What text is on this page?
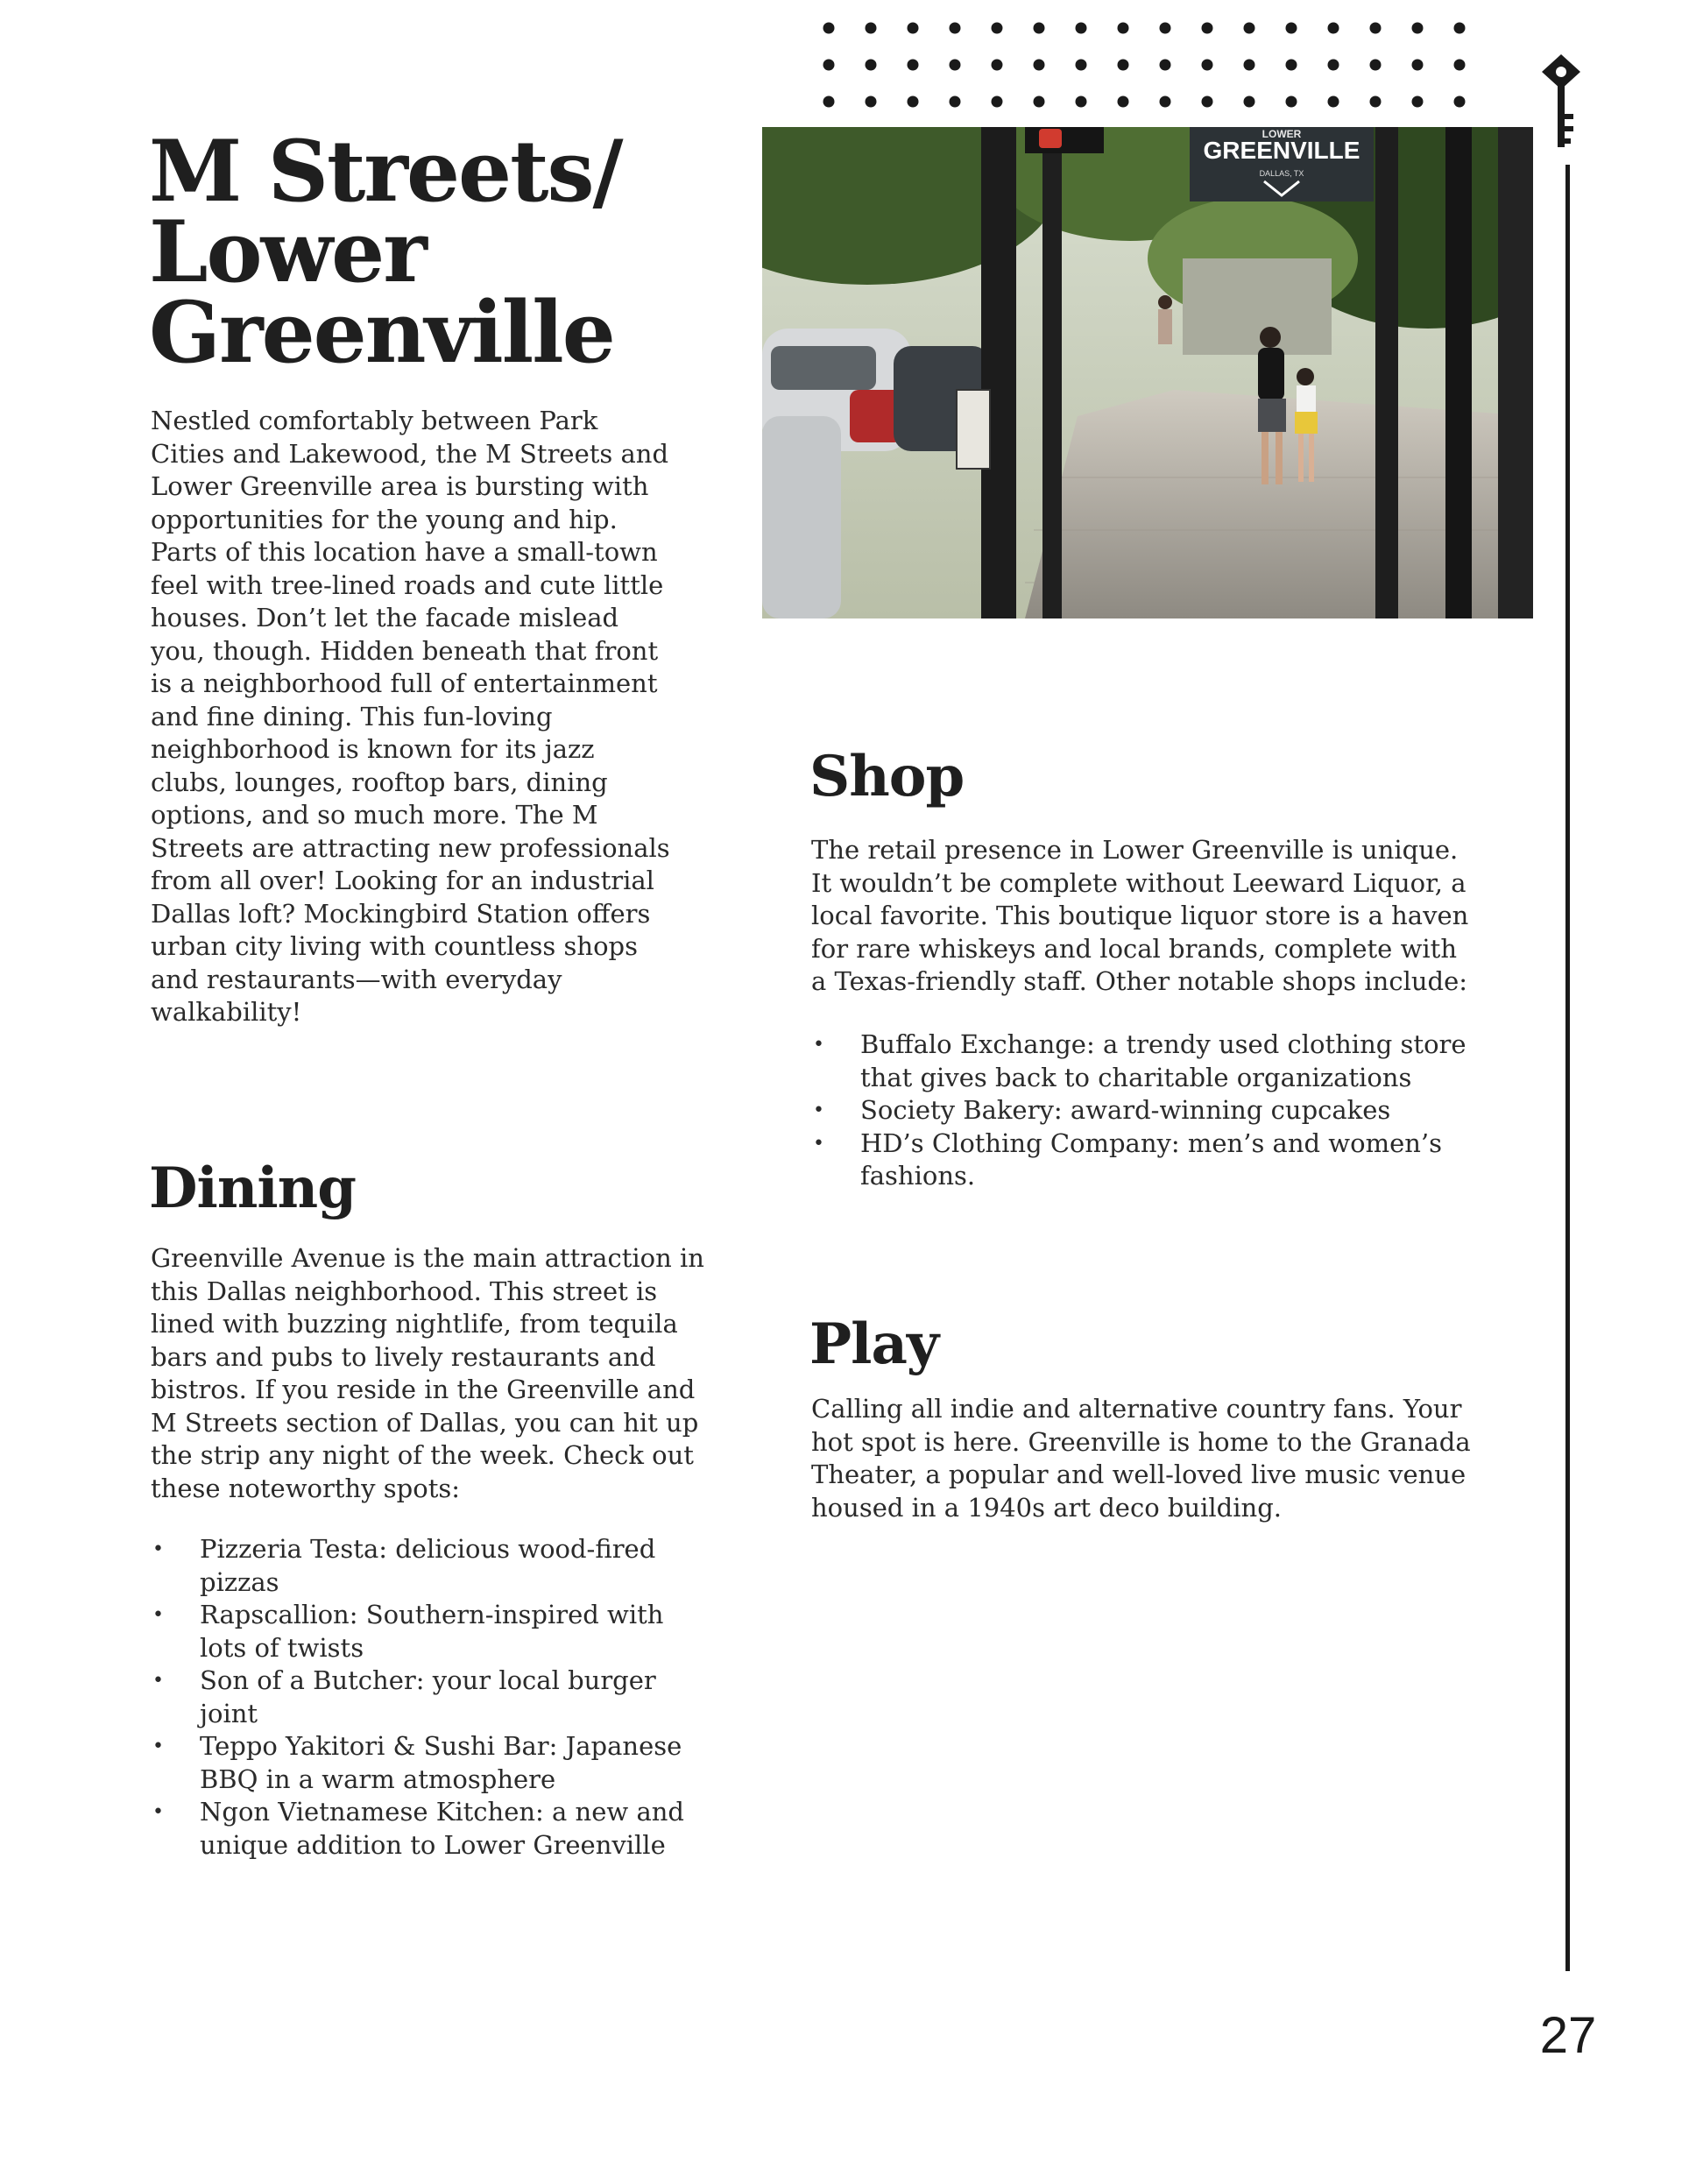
M Streets/
Lower
Greenville

Nestled comfortably between Park Cities and Lakewood, the M Streets and Lower Greenville area is bursting with opportunities for the young and hip. Parts of this location have a small-town feel with tree-lined roads and cute little houses. Don’t let the facade mislead you, though. Hidden beneath that front is a neighborhood full of entertainment and fine dining. This fun-loving neighborhood is known for its jazz clubs, lounges, rooftop bars, dining options, and so much more. The M Streets are attracting new professionals from all over! Looking for an industrial Dallas loft? Mockingbird Station offers urban city living with countless shops and restaurants—with everyday walkability!

Dining

Greenville Avenue is the main attraction in this Dallas neighborhood. This street is lined with buzzing nightlife, from tequila bars and pubs to lively restaurants and bistros. If you reside in the Greenville and M Streets section of Dallas, you can hit up the strip any night of the week. Check out these noteworthy spots:

• Pizzeria Testa: delicious wood-fired pizzas
• Rapscallion: Southern-inspired with lots of twists
• Son of a Butcher: your local burger joint
• Teppo Yakitori & Sushi Bar: Japanese BBQ in a warm atmosphere
• Ngon Vietnamese Kitchen: a new and unique addition to Lower Greenville
LOWER
GREENVILLE
DALLAS, TX
Shop

The retail presence in Lower Greenville is unique. It wouldn’t be complete without Leeward Liquor, a local favorite. This boutique liquor store is a haven for rare whiskeys and local brands, complete with a Texas-friendly staff. Other notable shops include:

• Buffalo Exchange: a trendy used clothing store that gives back to charitable organizations
• Society Bakery: award-winning cupcakes
• HD’s Clothing Company: men’s and women’s fashions.
Play

Calling all indie and alternative country fans. Your hot spot is here. Greenville is home to the Granada Theater, a popular and well-loved live music venue housed in a 1940s art deco building.

27
